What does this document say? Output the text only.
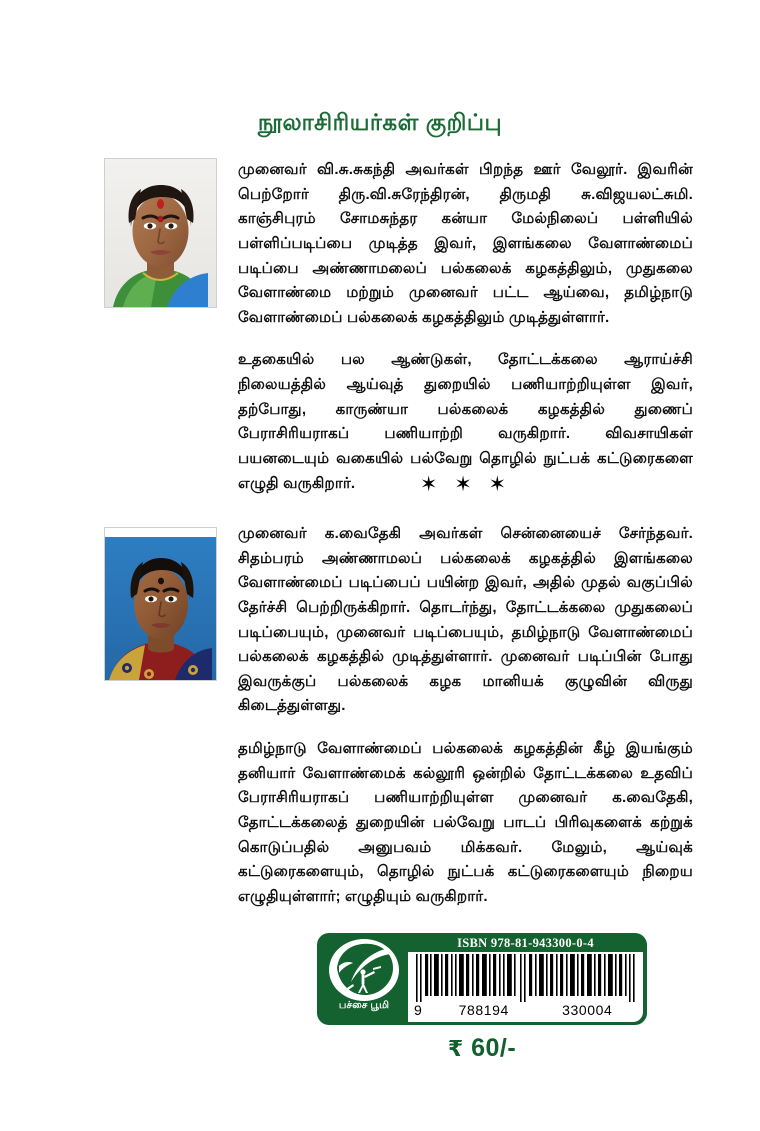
நூலாசிரியர்கள் குறிப்பு

முனைவர் வி.சு.சுகந்தி அவர்கள் பிறந்த ஊர் வேலூர். இவரின் பெற்றோர் திரு.வி.சுரேந்திரன், திருமதி சு.விஜயலட்சுமி. காஞ்சிபுரம் சோமசுந்தர கன்யா மேல்நிலைப் பள்ளியில் பள்ளிப்படிப்பை முடித்த இவர், இளங்கலை வேளாண்மைப் படிப்பை அண்ணாமலைப் பல்கலைக் கழகத்திலும், முதுகலை வேளாண்மை மற்றும் முனைவர் பட்ட ஆய்வை, தமிழ்நாடு வேளாண்மைப் பல்கலைக் கழகத்திலும் முடித்துள்ளார்.

உதகையில் பல ஆண்டுகள், தோட்டக்கலை ஆராய்ச்சி நிலையத்தில் ஆய்வுத் துறையில் பணியாற்றியுள்ள இவர், தற்போது, காருண்யா பல்கலைக் கழகத்தில் துணைப் பேராசிரியராகப் பணியாற்றி வருகிறார். விவசாயிகள் பயனடையும் வகையில் பல்வேறு தொழில் நுட்பக் கட்டுரைகளை எழுதி வருகிறார்.	✶ ✶ ✶

முனைவர் க.வைதேகி அவர்கள் சென்னையைச் சேர்ந்தவர். சிதம்பரம் அண்ணாமலப் பல்கலைக் கழகத்தில் இளங்கலை வேளாண்மைப் படிப்பைப் பயின்ற இவர், அதில் முதல் வகுப்பில் தேர்ச்சி பெற்றிருக்கிறார். தொடர்ந்து, தோட்டக்கலை முதுகலைப் படிப்பையும், முனைவர் படிப்பையும், தமிழ்நாடு வேளாண்மைப் பல்கலைக் கழகத்தில் முடித்துள்ளார். முனைவர் படிப்பின் போது இவருக்குப் பல்கலைக் கழக மானியக் குழுவின் விருது கிடைத்துள்ளது.

தமிழ்நாடு வேளாண்மைப் பல்கலைக் கழகத்தின் கீழ் இயங்கும் தனியார் வேளாண்மைக் கல்லூரி ஒன்றில் தோட்டக்கலை உதவிப் பேராசிரியராகப் பணியாற்றியுள்ள முனைவர் க.வைதேகி, தோட்டக்கலைத் துறையின் பல்வேறு பாடப் பிரிவுகளைக் கற்றுக் கொடுப்பதில் அனுபவம் மிக்கவர். மேலும், ஆய்வுக் கட்டுரைகளையும், தொழில் நுட்பக் கட்டுரைகளையும் நிறைய எழுதியுள்ளார்; எழுதியும் வருகிறார்.

பச்சை பூமி
ISBN 978-81-943300-0-4
9	788194	330004
₹ 60/-
